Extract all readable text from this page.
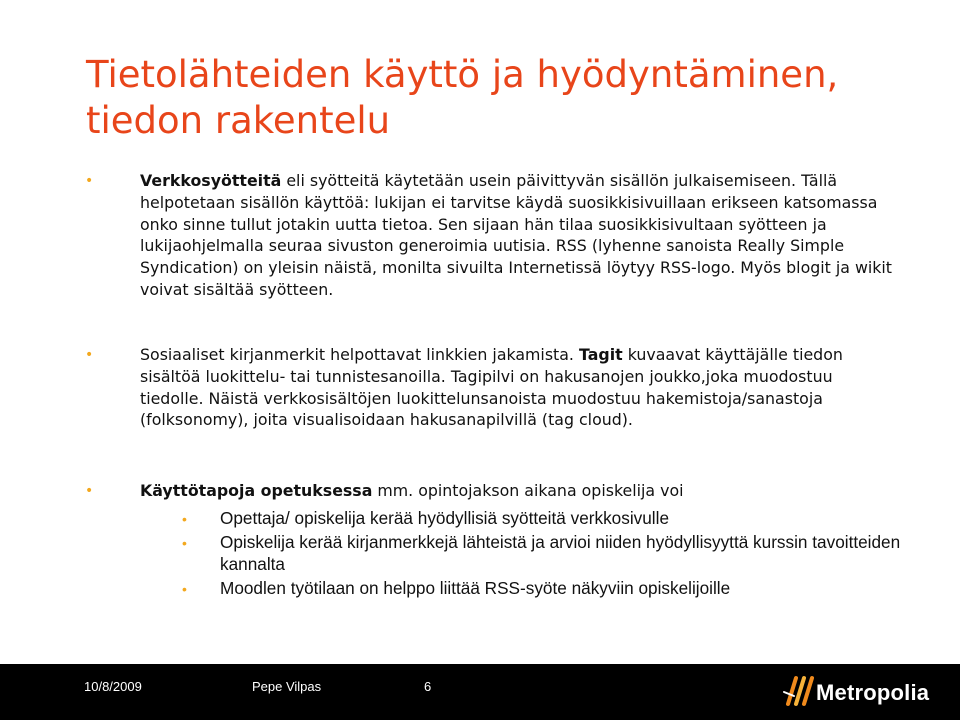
Tietolähteiden käyttö ja hyödyntäminen,
tiedon rakentelu
•	Verkkosyötteitä eli syötteitä käytetään usein päivittyvän sisällön julkaisemiseen. Tällä helpotetaan sisällön käyttöä: lukijan ei tarvitse käydä suosikkisivuillaan erikseen katsomassa onko sinne tullut jotakin uutta tietoa. Sen sijaan hän tilaa suosikkisivultaan syötteen ja lukijaohjelmalla seuraa sivuston generoimia uutisia. RSS (lyhenne sanoista Really Simple Syndication) on yleisin näistä, monilta sivuilta Internetissä löytyy RSS-logo. Myös blogit ja wikit voivat sisältää syötteen.
•	Sosiaaliset kirjanmerkit helpottavat linkkien jakamista. Tagit kuvaavat käyttäjälle tiedon sisältöä luokittelu- tai tunnistesanoilla. Tagipilvi on hakusanojen joukko,joka muodostuu tiedolle. Näistä verkkosisältöjen luokittelunsanoista muodostuu hakemistoja/sanastoja (folksonomy), joita visualisoidaan hakusanapilvillä (tag cloud).
•	Käyttötapoja opetuksessa mm. opintojakson aikana opiskelija voi
• Opettaja/ opiskelija kerää hyödyllisiä syötteitä verkkosivulle
• Opiskelija kerää kirjanmerkkejä lähteistä ja arvioi niiden hyödyllisyyttä kurssin tavoitteiden kannalta
• Moodlen työtilaan on helppo liittää RSS-syöte näkyviin opiskelijoille
10/8/2009	Pepe Vilpas	6	Metropolia
